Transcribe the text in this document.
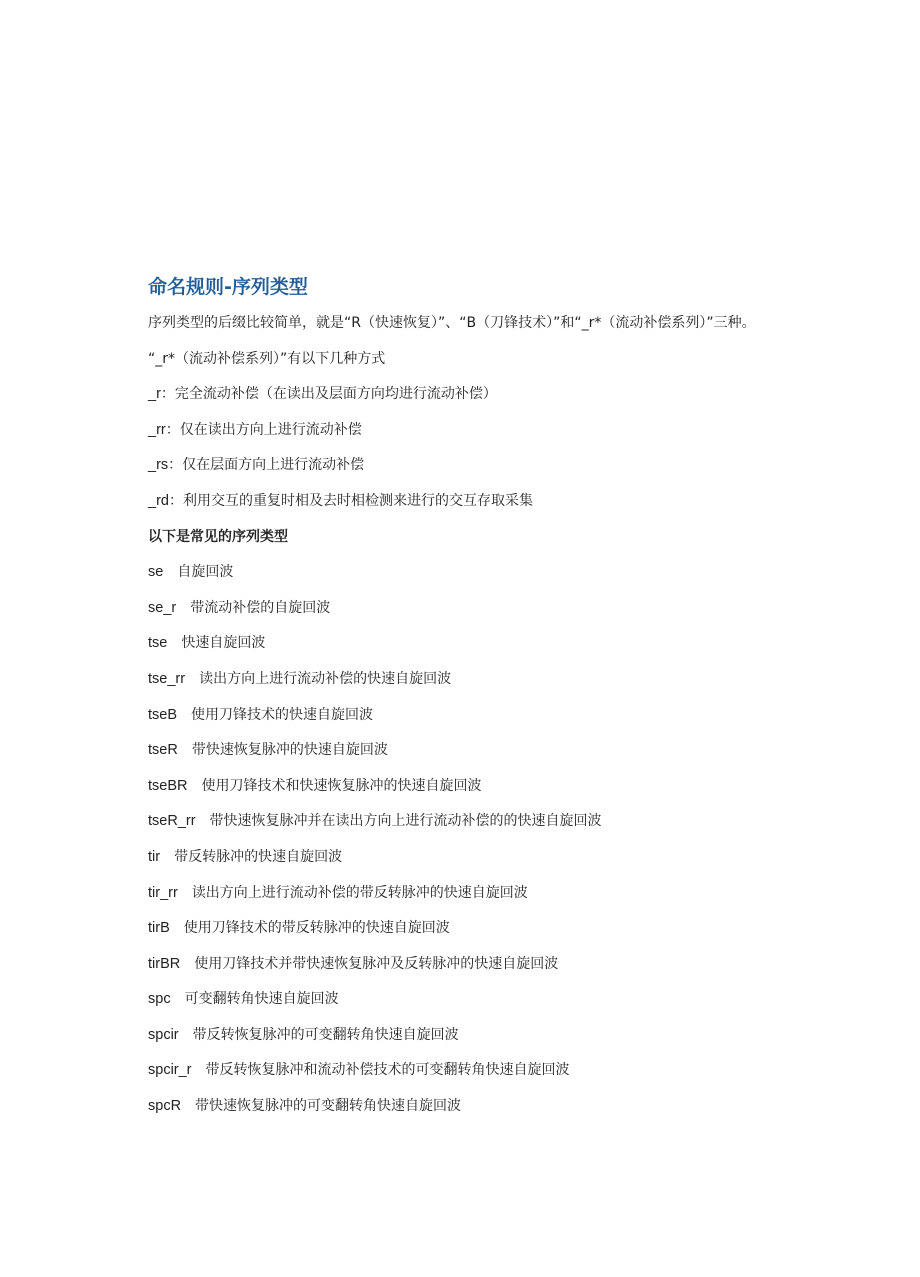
命名规则-序列类型

序列类型的后缀比较简单，就是“R（快速恢复）”、“B（刀锋技术）”和“_r*（流动补偿系列）”三种。

“_r*（流动补偿系列）”有以下几种方式

_r：完全流动补偿（在读出及层面方向均进行流动补偿）

_rr：仅在读出方向上进行流动补偿

_rs：仅在层面方向上进行流动补偿

_rd：利用交互的重复时相及去时相检测来进行的交互存取采集

以下是常见的序列类型

se 自旋回波

se_r 带流动补偿的自旋回波

tse 快速自旋回波

tse_rr 读出方向上进行流动补偿的快速自旋回波

tseB 使用刀锋技术的快速自旋回波

tseR 带快速恢复脉冲的快速自旋回波

tseBR 使用刀锋技术和快速恢复脉冲的快速自旋回波

tseR_rr 带快速恢复脉冲并在读出方向上进行流动补偿的的快速自旋回波

tir 带反转脉冲的快速自旋回波

tir_rr 读出方向上进行流动补偿的带反转脉冲的快速自旋回波

tirB 使用刀锋技术的带反转脉冲的快速自旋回波

tirBR 使用刀锋技术并带快速恢复脉冲及反转脉冲的快速自旋回波

spc 可变翻转角快速自旋回波

spcir 带反转恢复脉冲的可变翻转角快速自旋回波

spcir_r 带反转恢复脉冲和流动补偿技术的可变翻转角快速自旋回波

spcR 带快速恢复脉冲的可变翻转角快速自旋回波
